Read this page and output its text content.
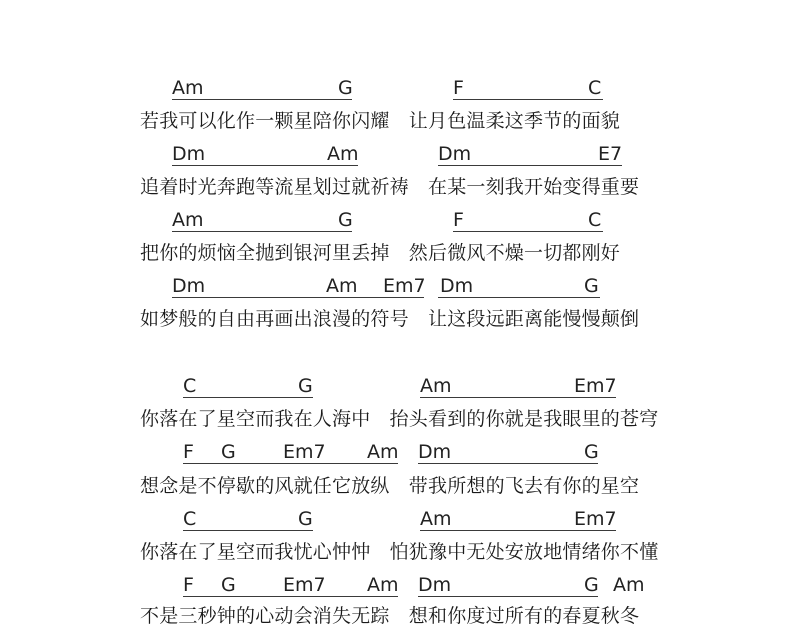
Am	G	F	C
若我可以化作一颗星陪你闪耀　让月色温柔这季节的面貌
Dm	Am	Dm	E7
追着时光奔跑等流星划过就祈祷　在某一刻我开始变得重要
Am	G	F	C
把你的烦恼全抛到银河里丢掉　然后微风不燥一切都刚好
Dm	Am Em7 Dm	G
如梦般的自由再画出浪漫的符号　让这段远距离能慢慢颠倒
C	G	Am	Em7
你落在了星空而我在人海中　抬头看到的你就是我眼里的苍穹
F G Em7 Am Dm	G
想念是不停歇的风就任它放纵　带我所想的飞去有你的星空
C	G	Am	Em7
你落在了星空而我忧心忡忡　怕犹豫中无处安放地情绪你不懂
F G Em7 Am Dm	G Am
不是三秒钟的心动会消失无踪　想和你度过所有的春夏秋冬
